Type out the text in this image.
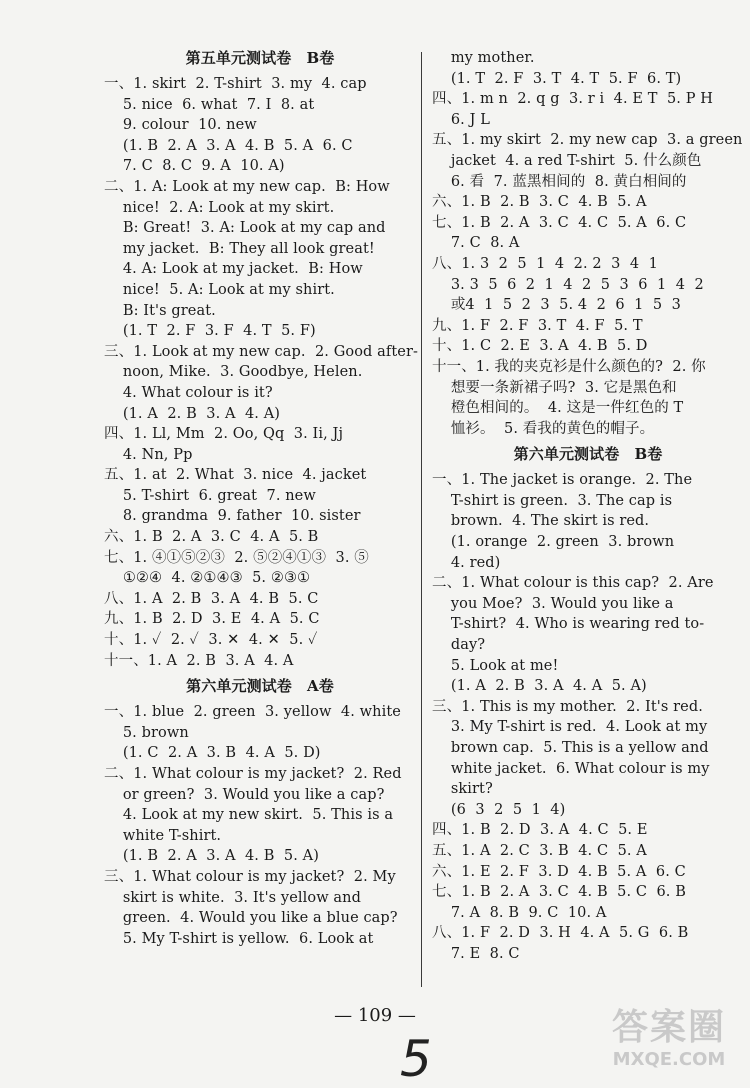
第五单元测试卷　B卷
一、1. skirt  2. T-shirt  3. my  4. cap
5. nice  6. what  7. I  8. at
9. colour  10. new
(1. B  2. A  3. A  4. B  5. A  6. C
7. C  8. C  9. A  10. A)
二、1. A: Look at my new cap.  B: How
nice!  2. A: Look at my skirt.
B: Great!  3. A: Look at my cap and
my jacket.  B: They all look great!
4. A: Look at my jacket.  B: How
nice!  5. A: Look at my shirt.
B: It's great.
(1. T  2. F  3. F  4. T  5. F)
三、1. Look at my new cap.  2. Good after-
noon, Mike.  3. Goodbye, Helen.
4. What colour is it?
(1. A  2. B  3. A  4. A)
四、1. Ll, Mm  2. Oo, Qq  3. Ii, Jj
4. Nn, Pp
五、1. at  2. What  3. nice  4. jacket
5. T-shirt  6. great  7. new
8. grandma  9. father  10. sister
六、1. B  2. A  3. C  4. A  5. B
七、1. ④①⑤②③  2. ⑤②④①③  3. ⑤
①②④  4. ②①④③  5. ②③①
八、1. A  2. B  3. A  4. B  5. C
九、1. B  2. D  3. E  4. A  5. C
十、1. ✓  2. ✓  3. ✕  4. ✕  5. ✓
十一、1. A  2. B  3. A  4. A
第六单元测试卷　A卷
一、1. blue  2. green  3. yellow  4. white
5. brown
(1. C  2. A  3. B  4. A  5. D)
二、1. What colour is my jacket?  2. Red
or green?  3. Would you like a cap?
4. Look at my new skirt.  5. This is a
white T-shirt.
(1. B  2. A  3. A  4. B  5. A)
三、1. What colour is my jacket?  2. My
skirt is white.  3. It's yellow and
green.  4. Would you like a blue cap?
5. My T-shirt is yellow.  6. Look at
my mother.
(1. T  2. F  3. T  4. T  5. F  6. T)
四、1. m n  2. q g  3. r i  4. E T  5. P H
6. J L
五、1. my skirt  2. my new cap  3. a green
jacket  4. a red T-shirt  5. 什么颜色
6. 看  7. 蓝黑相间的  8. 黄白相间的
六、1. B  2. B  3. C  4. B  5. A
七、1. B  2. A  3. C  4. C  5. A  6. C
7. C  8. A
八、1. 3  2  5  1  4  2. 2  3  4  1
3. 3  5  6  2  1  4  2  5  3  6  1  4  2
或4  1  5  2  3  5. 4  2  6  1  5  3
九、1. F  2. F  3. T  4. F  5. T
十、1. C  2. E  3. A  4. B  5. D
十一、1. 我的夹克衫是什么颜色的?  2. 你
想要一条新裙子吗?  3. 它是黑色和
橙色相间的。  4. 这是一件红色的 T
恤衫。  5. 看我的黄色的帽子。
第六单元测试卷　B卷
一、1. The jacket is orange.  2. The
T-shirt is green.  3. The cap is
brown.  4. The skirt is red.
(1. orange  2. green  3. brown
4. red)
二、1. What colour is this cap?  2. Are
you Moe?  3. Would you like a
T-shirt?  4. Who is wearing red to-
day?
5. Look at me!
(1. A  2. B  3. A  4. A  5. A)
三、1. This is my mother.  2. It's red.
3. My T-shirt is red.  4. Look at my
brown cap.  5. This is a yellow and
white jacket.  6. What colour is my
skirt?
(6  3  2  5  1  4)
四、1. B  2. D  3. A  4. C  5. E
五、1. A  2. C  3. B  4. C  5. A
六、1. E  2. F  3. D  4. B  5. A  6. C
七、1. B  2. A  3. C  4. B  5. C  6. B
7. A  8. B  9. C  10. A
八、1. F  2. D  3. H  4. A  5. G  6. B
7. E  8. C
— 109 —
5
答案圈
MXQE.COM
